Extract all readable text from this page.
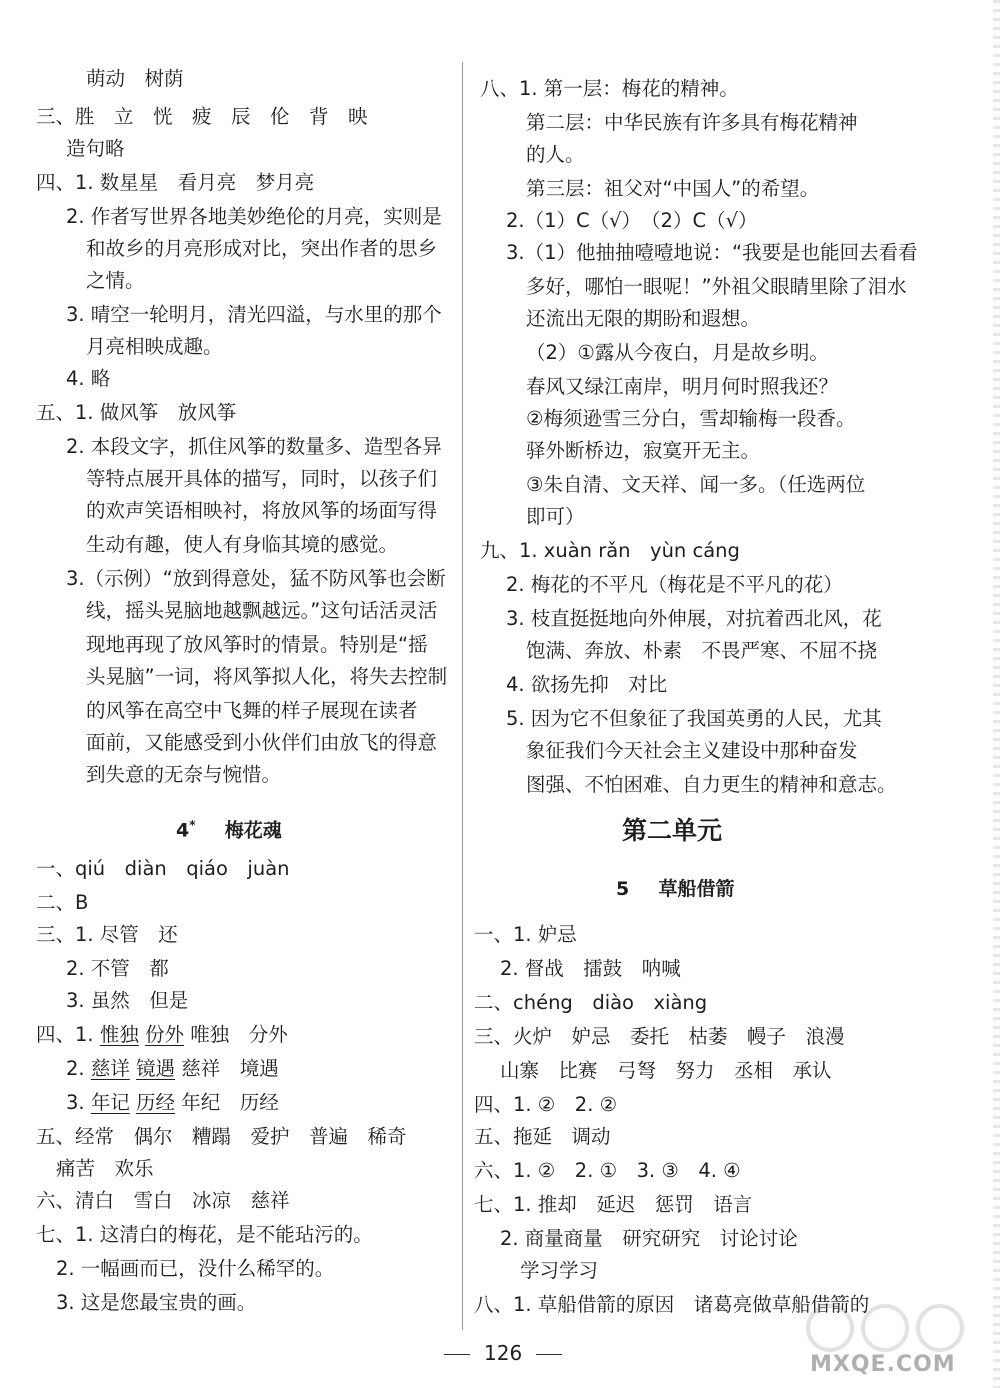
萌动　树荫
三、胜　立　恍　疲　辰　伦　背　映
造句略
四、1. 数星星　看月亮　梦月亮
2. 作者写世界各地美妙绝伦的月亮，实则是
和故乡的月亮形成对比，突出作者的思乡
之情。
3. 晴空一轮明月，清光四溢，与水里的那个
月亮相映成趣。
4. 略
五、1. 做风筝　放风筝
2. 本段文字，抓住风筝的数量多、造型各异
等特点展开具体的描写，同时，以孩子们
的欢声笑语相映衬，将放风筝的场面写得
生动有趣，使人有身临其境的感觉。
3.（示例）“放到得意处，猛不防风筝也会断
线，摇头晃脑地越飘越远。”这句话活灵活
现地再现了放风筝时的情景。特别是“摇
头晃脑”一词，将风筝拟人化，将失去控制
的风筝在高空中飞舞的样子展现在读者
面前，又能感受到小伙伴们由放飞的得意
到失意的无奈与惋惜。
4* 梅花魂
一、qiú　diàn　qiáo　juàn
二、B
三、1. 尽管　还
2. 不管　都
3. 虽然　但是
四、1. 惟独 份外 唯独　分外
2. 慈详 镜遇 慈祥　境遇
3. 年记 历经 年纪　历经
五、经常　偶尔　糟蹋　爱护　普遍　稀奇
痛苦　欢乐
六、清白　雪白　冰凉　慈祥
七、1. 这清白的梅花，是不能玷污的。
2. 一幅画而已，没什么稀罕的。
3. 这是您最宝贵的画。
八、1. 第一层：梅花的精神。
第二层：中华民族有许多具有梅花精神
的人。
第三层：祖父对“中国人”的希望。
2.（1）C（√）　（2）C（√）
3.（1）他抽抽噎噎地说：“我要是也能回去看看
多好，哪怕一眼呢！”外祖父眼睛里除了泪水
还流出无限的期盼和遐想。
（2）①露从今夜白，月是故乡明。
春风又绿江南岸，明月何时照我还？
②梅须逊雪三分白，雪却输梅一段香。
驿外断桥边，寂寞开无主。
③朱自清、文天祥、闻一多。（任选两位
即可）
九、1. xuàn rǎn　yùn cáng
2. 梅花的不平凡（梅花是不平凡的花）
3. 枝直挺挺地向外伸展，对抗着西北风，花
饱满、奔放、朴素　不畏严寒、不屈不挠
4. 欲扬先抑　对比
5. 因为它不但象征了我国英勇的人民，尤其
象征我们今天社会主义建设中那种奋发
图强、不怕困难、自力更生的精神和意志。
第二单元
5 草船借箭
一、1. 妒忌
2. 督战　擂鼓　呐喊
二、chéng　diào　xiàng
三、火炉　妒忌　委托　枯萎　幔子　浪漫
山寨　比赛　弓弩　努力　丞相　承认
四、1. ②　2. ②
五、拖延　调动
六、1. ②　2. ①　3. ③　4. ④
七、1. 推却　延迟　惩罚　语言
2. 商量商量　研究研究　讨论讨论
学习学习
八、1. 草船借箭的原因　诸葛亮做草船借箭的
126	MXQE.COM
